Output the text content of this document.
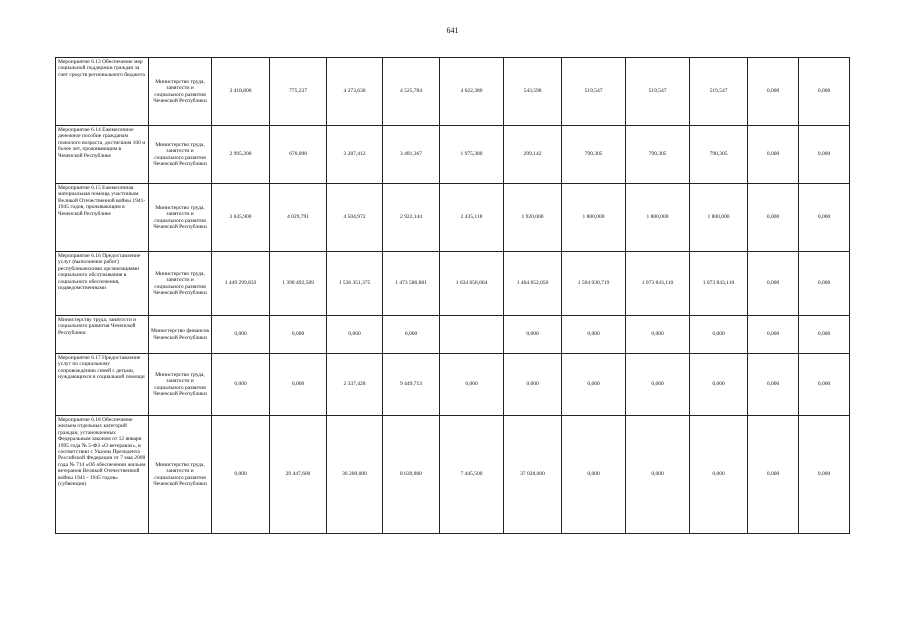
641
Мероприятие 6.13 Обеспечение мер социальной поддержки граждан за счет средств регионального бюджета	Министерство труда, занятости и социального развития Чеченской Республики	3 418,800	775,237	4 273,630	4 525,784	4 622,380	543,598	519,547	519,547	519,547	0,000	0,000
Мероприятие 6.14 Ежемесячное денежное пособие гражданам пожилого возраста, достигшим 100 и более лет, проживающим в Чеченской Республике	Министерство труда, занятости и социального развития Чеченской Республики	2 995,200	676,098	3 287,412	3 481,367	1 975,380	299,142	790,305	790,305	790,305	0,000	0,000
Мероприятие 6.15 Ежемесячная материальная помощь участникам Великой Отечественной войны 1941-1945 годов, проживающим в Чеченской Республике	Министерство труда, занятости и социального развития Чеченской Республики	3 635,900	4 029,791	4 504,972	2 922,144	2 435,118	1 920,000	1 800,000	1 800,000	1 800,000	0,000	0,000
Мероприятие 6.16 Предоставление услуг (выполнение работ) республиканскими организациями социального обслуживания в социального обеспечения, подведомственными	Министерство труда, занятости и социального развития Чеченской Республики	1 449 299,833	1 398 492,589	1 536 351,375	1 473 586,881	1 634 658,064	1 464 852,050	1 504 030,719	1 073 843,110	1 073 843,110	0,000	0,000
Министерству труда, занятости и социального развития Чеченской Республики	Министерство финансов Чеченской Республики	0,000	0,000	0,000	0,000		0,000	0,000	0,000	0,000	0,000	0,000
Мероприятие 6.17 Предоставление услуг по социальному сопровождению семей с детьми, нуждающихся в социальной помощи	Министерство труда, занятости и социального развития Чеченской Республики	0,000	0,000	2 337,428	9 449,713	0,000	0,000	0,000	0,000	0,000	0,000	0,000
Мероприятие 6.18 Обеспечение жильем отдельных категорий граждан, установленных Федеральным законом от 12 января 1995 года № 5-ФЗ «О ветеранах», в соответствии с Указом Президента Российской Федерации от 7 мая 2008 года № 714 «Об обеспечении жильем ветеранов Великой Отечественной войны 1941 - 1945 годов» (субвенции)	Министерство труда, занятости и социального развития Чеченской Республики	0,000	29 447,600	36 200,000	8 639,800	7 445,500	37 028,000	0,000	0,000	0,000	0,000	0,000
